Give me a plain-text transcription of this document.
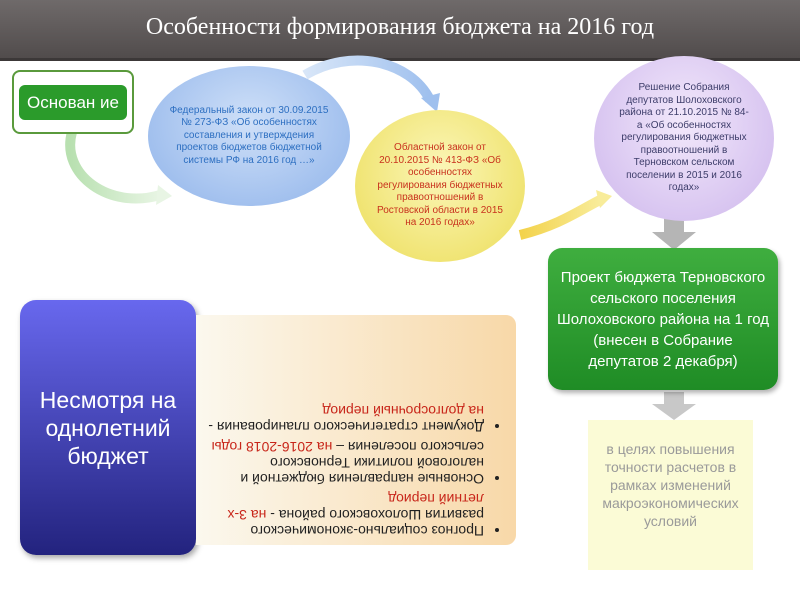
Особенности формирования бюджета на 2016 год
Основан ие	Федеральный закон от 30.09.2015 № 273-ФЗ «Об особенностях составления и утверждения проектов бюджетов бюджетной системы РФ на 2016 год …»
Областной закон от 20.10.2015 № 413-ФЗ «Об особенностях регулирования бюджетных правоотношений в Ростовской области в 2015 на 2016 годах»
Решение Собрания депутатов Шолоховского района от 21.10.2015 № 84-а «Об особенностях регулирования бюджетных правоотношений в Терновском сельском поселении в 2015 и 2016 годах»
Проект бюджета Терновского сельского поселения Шолоховского района на 1 год (внесен в Собрание депутатов 2 декабря)
в целях повышения точности расчетов в рамках изменений макроэкономических условий
Несмотря на однолетний бюджет
• Прогноз социально-экономического развития Шолоховского района - на 3-х летний период
• Основные направления бюджетной и налоговой политики Терновского сельского поселения – на 2016-2018 годы
• Документ стратегического планирования - на долгосрочный период
